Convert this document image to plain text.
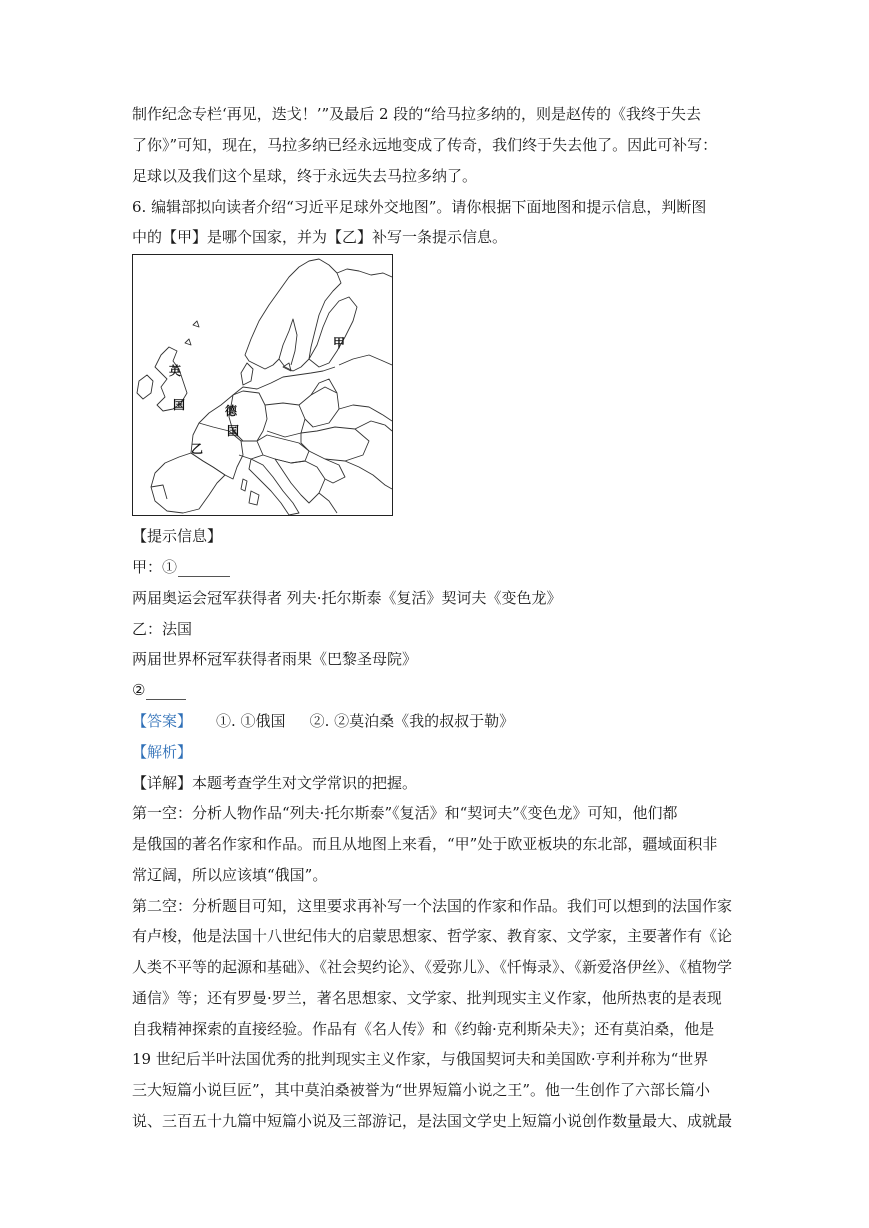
制作纪念专栏‘再见，迭戈！’”及最后 2 段的“给马拉多纳的，则是赵传的《我终于失去
了你》”可知，现在，马拉多纳已经永远地变成了传奇，我们终于失去他了。因此可补写：
足球以及我们这个星球，终于永远失去马拉多纳了。
6. 编辑部拟向读者介绍“习近平足球外交地图”。请你根据下面地图和提示信息，判断图
中的【甲】是哪个国家，并为【乙】补写一条提示信息。
甲
英
国	德
国
乙
【提示信息】
甲：①
两届奥运会冠军获得者 列夫·托尔斯泰《复活》契诃夫《变色龙》
乙：法国
两届世界杯冠军获得者雨果《巴黎圣母院》
②
【答案】 ①. ①俄国 ②. ②莫泊桑《我的叔叔于勒》
【解析】
【详解】本题考查学生对文学常识的把握。
第一空：分析人物作品“列夫·托尔斯泰”《复活》和“契诃夫”《变色龙》可知，他们都
是俄国的著名作家和作品。而且从地图上来看，“甲”处于欧亚板块的东北部，疆域面积非
常辽阔，所以应该填“俄国”。
第二空：分析题目可知，这里要求再补写一个法国的作家和作品。我们可以想到的法国作家
有卢梭，他是法国十八世纪伟大的启蒙思想家、哲学家、教育家、文学家，主要著作有《论
人类不平等的起源和基础》、《社会契约论》、《爱弥儿》、《忏悔录》、《新爱洛伊丝》、《植物学
通信》等；还有罗曼·罗兰，著名思想家、文学家、批判现实主义作家，他所热衷的是表现
自我精神探索的直接经验。作品有《名人传》和《约翰·克利斯朵夫》；还有莫泊桑，他是
19 世纪后半叶法国优秀的批判现实主义作家，与俄国契诃夫和美国欧·亨利并称为“世界
三大短篇小说巨匠”，其中莫泊桑被誉为“世界短篇小说之王”。他一生创作了六部长篇小
说、三百五十九篇中短篇小说及三部游记，是法国文学史上短篇小说创作数量最大、成就最
